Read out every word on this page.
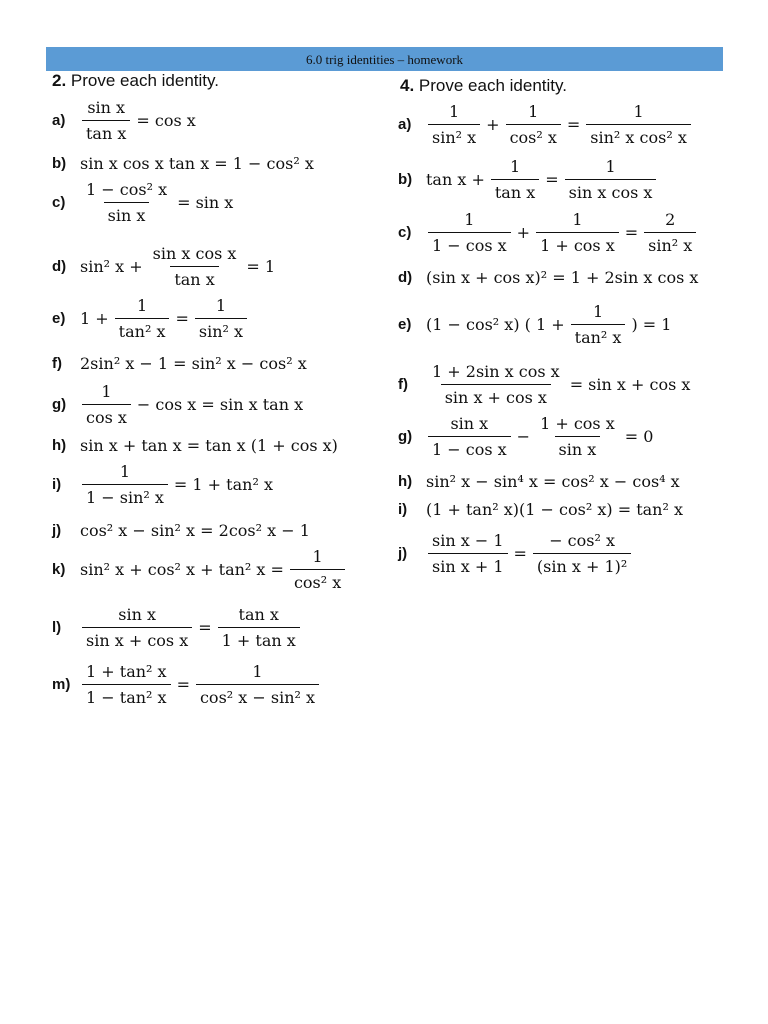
6.0 trig identities – homework
2. Prove each identity.
$a) \frac{\text{sin x}}{\text{tan x}} = \cos x$
b) sin x cos x tan x = 1 − cos² x
$c) \frac{\text{1 − cos² x}}{\text{sin x}} = \sin x$
d) sin² $x + \frac{\text{sin x cos x}}{\text{tan x}} = 1$
e) $1 + \frac{1}{\text{tan² x}} = \frac{1}{\text{sin² x}}$
f)	2sin² x − 1 = sin² x − cos² x
$g) \frac{1}{\text{cos x}} - \cos x = \sin x$ tan x
h) sin x + tan x = tan x (1 + cos x)
i)	$\frac{1}{\text{1 − sin² x}} = 1 + \tan^2$ x
j)	cos² x − sin² x = 2cos² x − 1
k) sin² x + cos² x + tan² $x = \frac{1}{\text{cos² x}}$
l)	$\frac{\text{sin x}}{\text{sin x + cos x}} = \frac{\text{tan x}}{\text{1 + tan x}}$
$m) \frac{\text{1 + tan² x}}{\text{1 − tan² x}} = \frac{1}{\text{cos² x − sin² x}}$
4. Prove each identity.
$a) \frac{1}{\text{sin² x}} + \frac{1}{\text{cos² x}} = \frac{1}{\text{sin² x cos² x}}$
b) $\tan x + \frac{1}{\text{tan x}} = \frac{1}{\text{sin x cos x}}$
$c) \frac{1}{\text{1 − cos x}} + \frac{1}{\text{1 + cos x}} = \frac{2}{\text{sin² x}}$
d) (sin x + cos x)² = 1 + 2sin x cos x
e) (1 − cos² x) ( $1 + \frac{1}{\text{tan² x}}$ ) = 1
f)	$\frac{\text{1 + 2sin x cos x}}{\text{sin x + cos x}} = \sin x + \cos x$
$g) \frac{\text{sin x}}{\text{1 − cos x}} - \frac{\text{1 + cos x}}{\text{sin x}} = 0$
h) sin² x − sin⁴ x = cos² x − cos⁴ x
i)	(1 + tan² x)(1 − cos² x) = tan² x
j)	$\frac{\text{sin x − 1}}{\text{sin x + 1}} = \frac{\text{− cos² x}}{\text{(sin x + 1)²}}$
